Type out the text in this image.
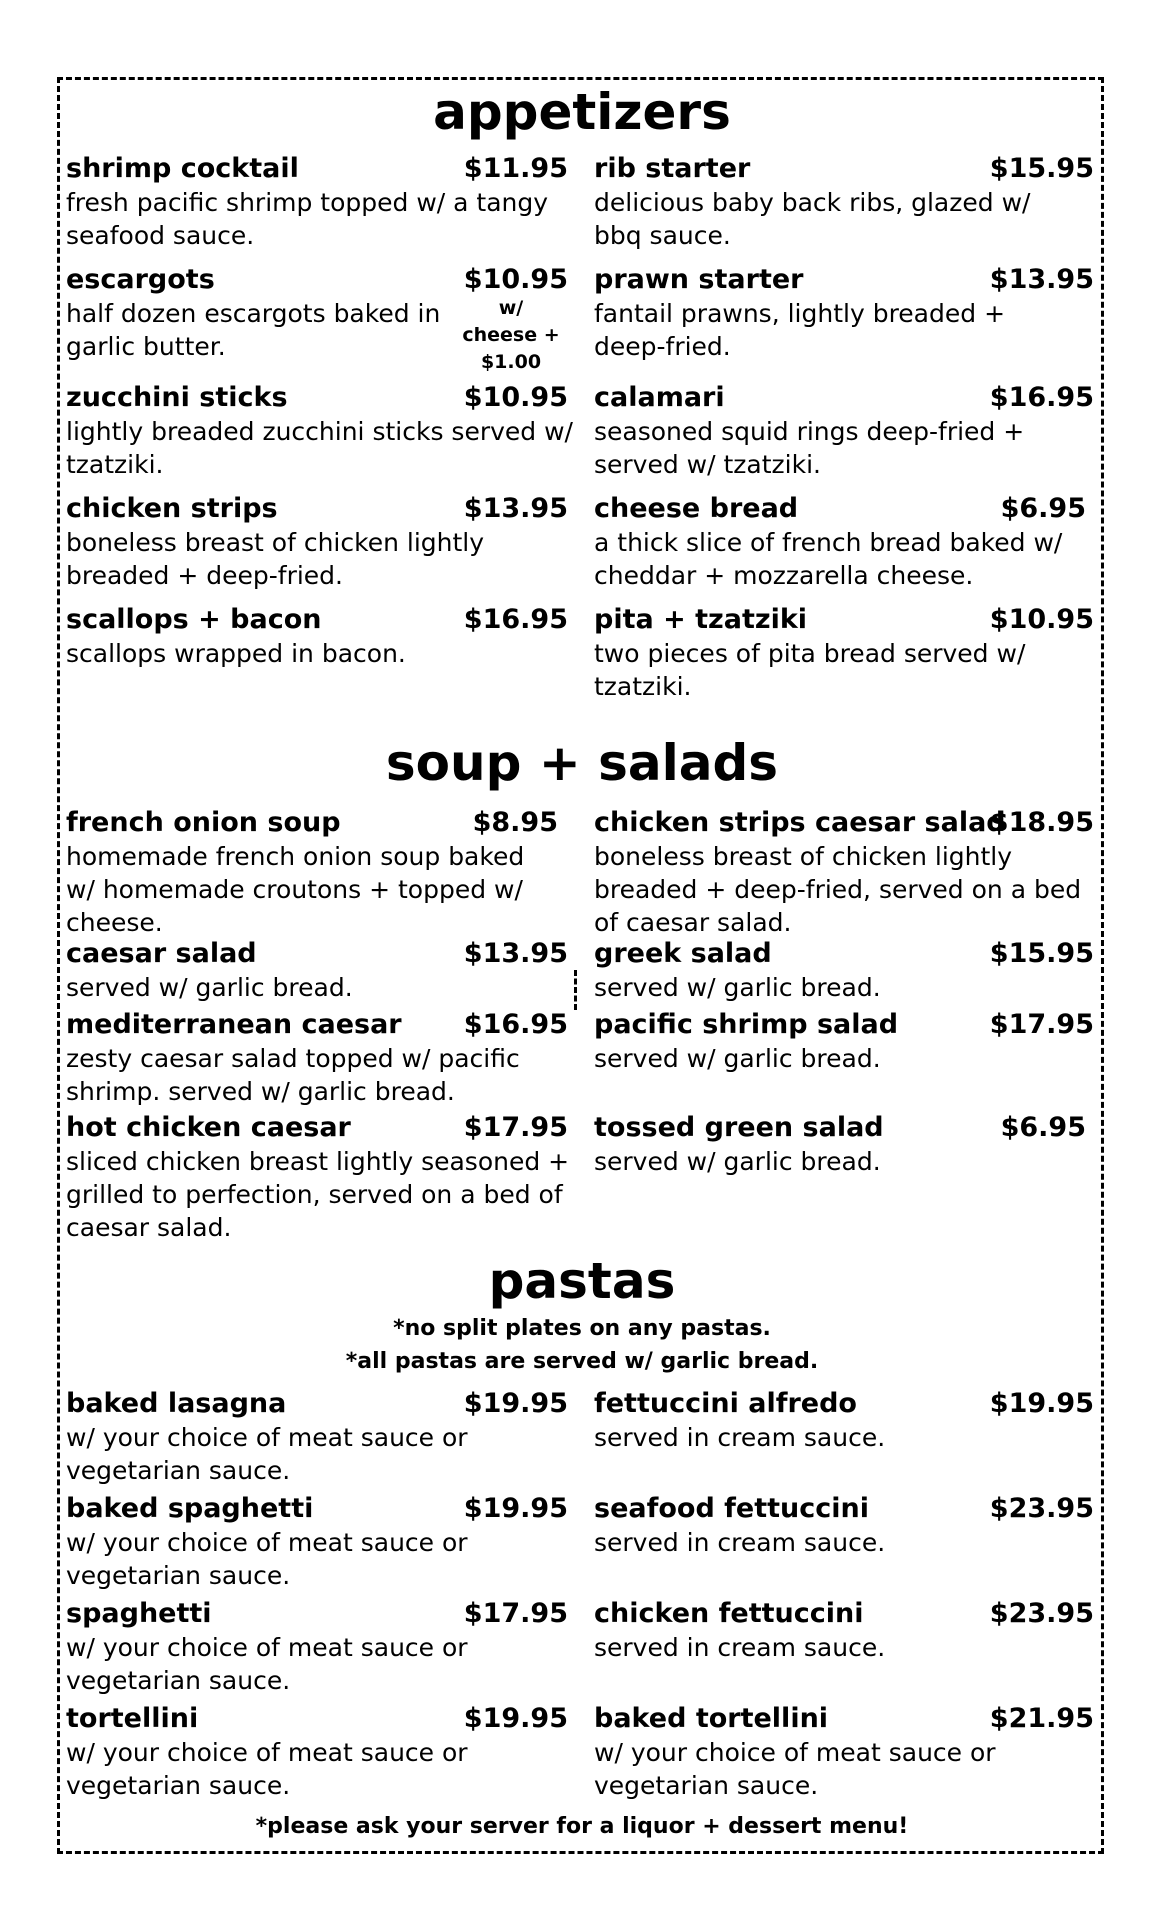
appetizers
shrimp cocktail	$11.95
fresh pacific shrimp topped w/ a tangy
seafood sauce.
escargots	$10.95
w/
cheese +
$1.00
half dozen escargots baked in
garlic butter.
zucchini sticks	$10.95
lightly breaded zucchini sticks served w/
tzatziki.
chicken strips	$13.95
boneless breast of chicken lightly
breaded + deep-fried.
scallops + bacon	$16.95
scallops wrapped in bacon.
rib starter	$15.95
delicious baby back ribs, glazed w/
bbq sauce.
prawn starter	$13.95
fantail prawns, lightly breaded +
deep-fried.
calamari	$16.95
seasoned squid rings deep-fried +
served w/ tzatziki.
cheese bread	$6.95
a thick slice of french bread baked w/
cheddar + mozzarella cheese.
pita + tzatziki	$10.95
two pieces of pita bread served w/
tzatziki.
soup + salads
french onion soup	$8.95
homemade french onion soup baked
w/ homemade croutons + topped w/
cheese.
caesar salad	$13.95
served w/ garlic bread.
mediterranean caesar $16.95
zesty caesar salad topped w/ pacific
shrimp. served w/ garlic bread.
hot chicken caesar	$17.95
sliced chicken breast lightly seasoned +
grilled to perfection, served on a bed of
caesar salad.
chicken strips caesar salad
$18.95
boneless breast of chicken lightly
breaded + deep-fried, served on a bed
of caesar salad.
greek salad	$15.95
served w/ garlic bread.
pacific shrimp salad	$17.95
served w/ garlic bread.
tossed green salad	$6.95
served w/ garlic bread.
pastas

*no split plates on any pastas.

*all pastas are served w/ garlic bread.

baked lasagna	$19.95
w/ your choice of meat sauce or
vegetarian sauce.
baked spaghetti	$19.95
w/ your choice of meat sauce or
vegetarian sauce.
spaghetti	$17.95
w/ your choice of meat sauce or
vegetarian sauce.
tortellini	$19.95
w/ your choice of meat sauce or
vegetarian sauce.
fettuccini alfredo	$19.95
served in cream sauce.
seafood fettuccini	$23.95
served in cream sauce.
chicken fettuccini	$23.95
served in cream sauce.
baked tortellini	$21.95
w/ your choice of meat sauce or
vegetarian sauce.

*please ask your server for a liquor + dessert menu!
